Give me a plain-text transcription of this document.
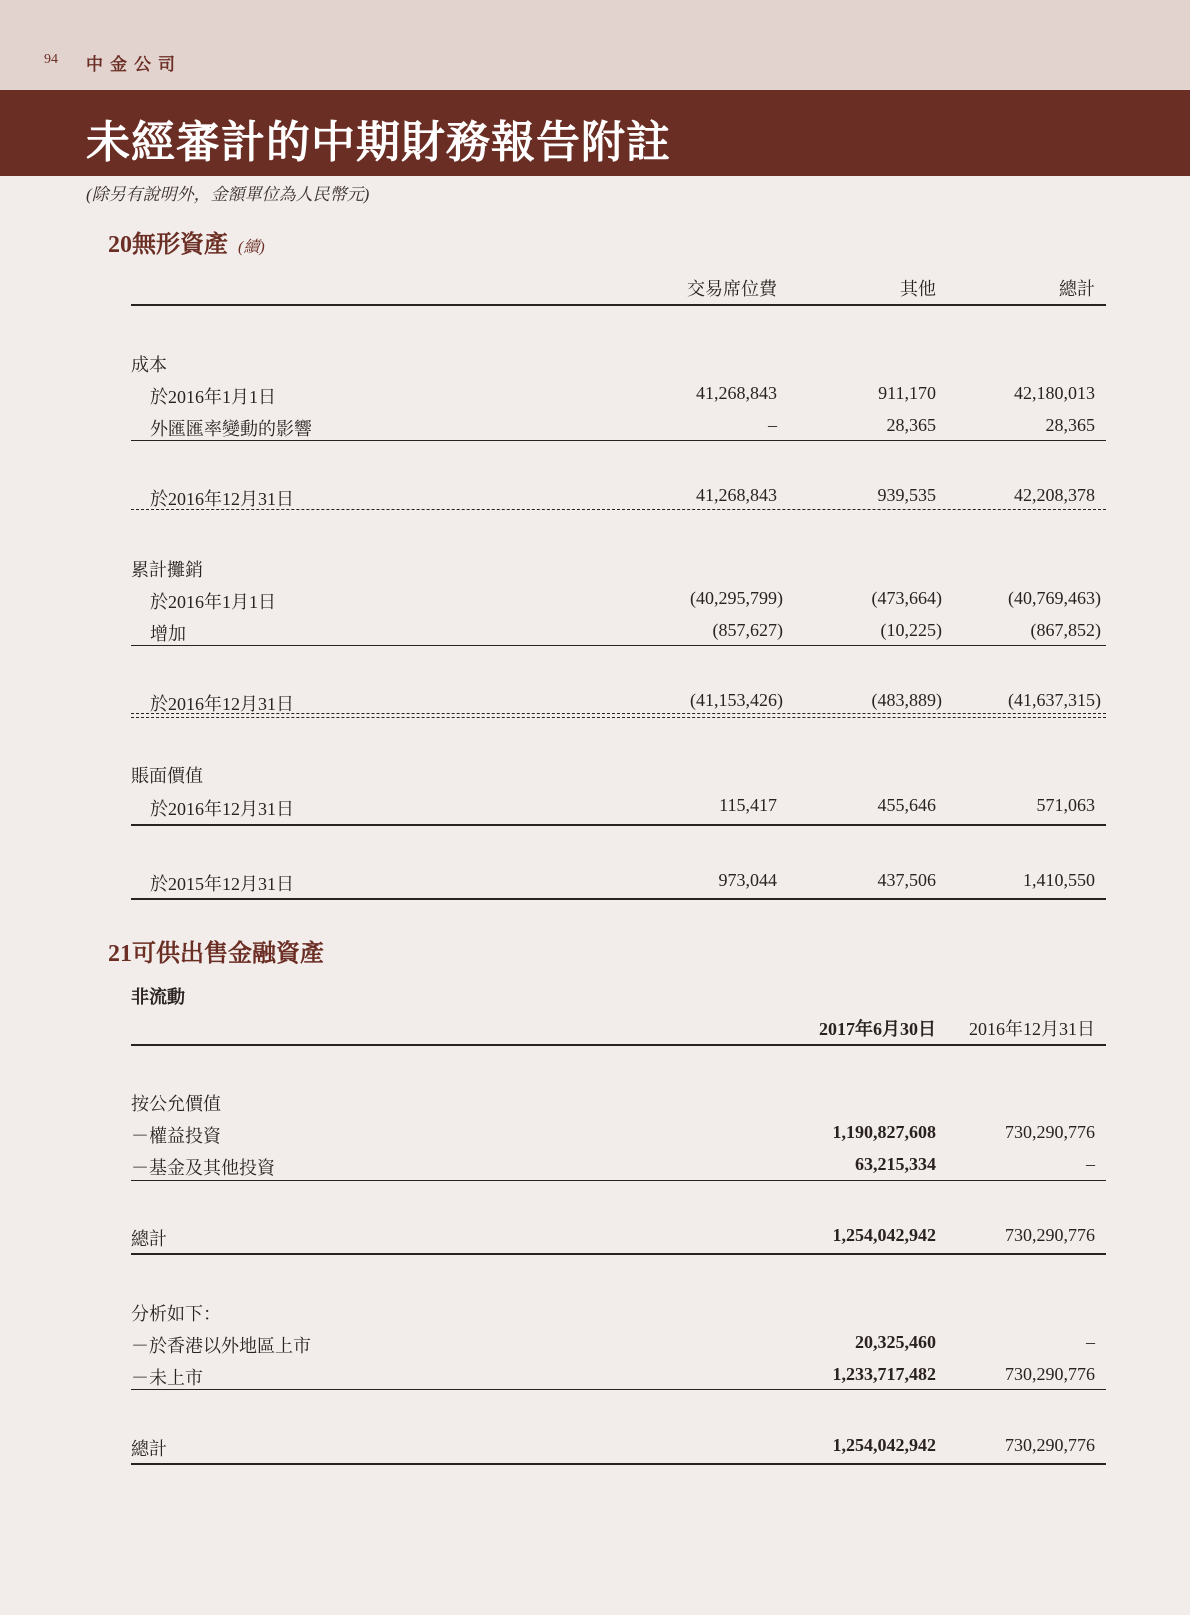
94 中金公司
未經審計的中期財務報告附註
(除另有說明外，金額單位為人民幣元)
20無形資產 (續)
交易席位費	其他	總計
成本
於2016年1月1日	41,268,843	911,170	42,180,013
外匯匯率變動的影響	–	28,365	28,365
於2016年12月31日	41,268,843	939,535	42,208,378
累計攤銷
於2016年1月1日	(40,295,799)	(473,664)	(40,769,463)
增加	(857,627)	(10,225)	(867,852)
於2016年12月31日	(41,153,426)	(483,889)	(41,637,315)
賬面價值
於2016年12月31日	115,417	455,646	571,063
於2015年12月31日	973,044	437,506	1,410,550
21可供出售金融資產
非流動
2017年6月30日 2016年12月31日
按公允價值
－權益投資	1,190,827,608	730,290,776
－基金及其他投資	63,215,334	–
總計	1,254,042,942	730,290,776
分析如下：
－於香港以外地區上市	20,325,460	–
－未上市	1,233,717,482	730,290,776
總計	1,254,042,942	730,290,776
